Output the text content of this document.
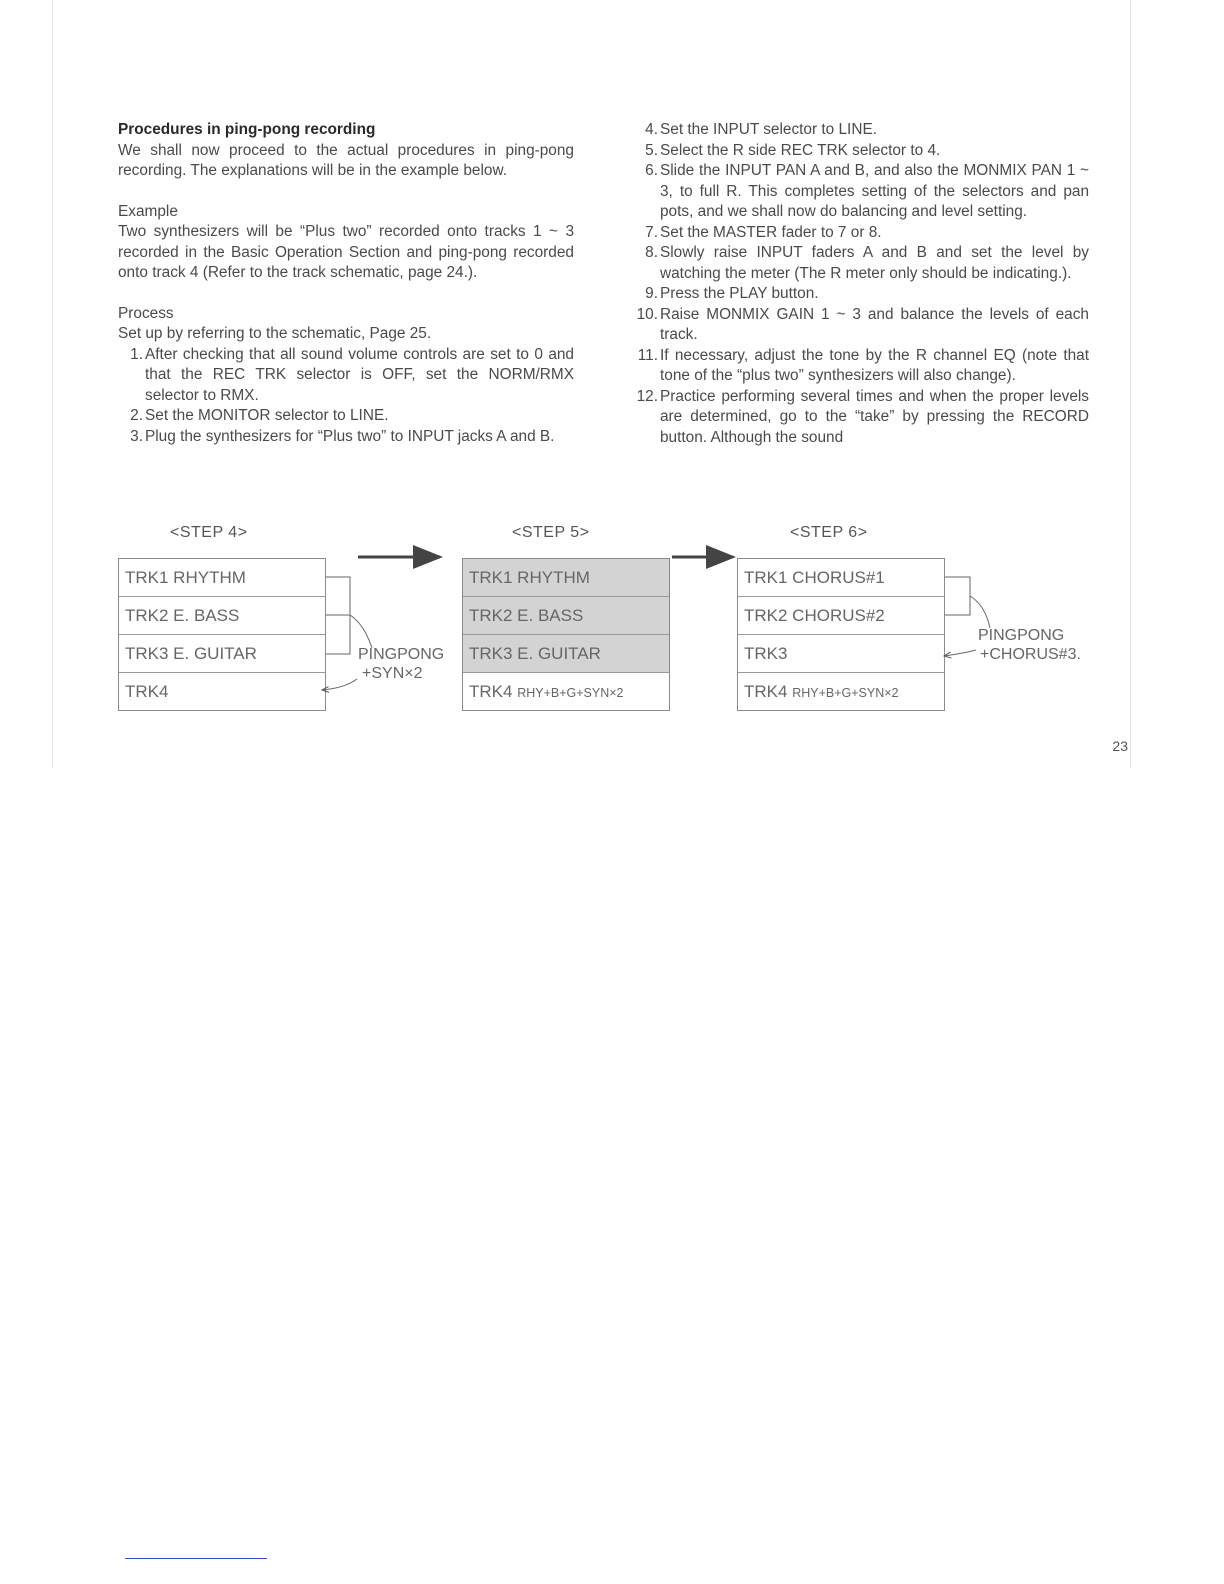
Procedures in ping-pong recording

We shall now proceed to the actual procedures in ping-pong recording. The explanations will be in the example below.

Example

Two synthesizers will be “Plus two” recorded onto tracks 1 ~ 3 recorded in the Basic Operation Section and ping-pong recorded onto track 4 (Refer to the track schematic, page 24.).

Process

Set up by referring to the schematic, Page 25.

1. After checking that all sound volume controls are set to 0 and that the REC TRK selector is OFF, set the NORM/RMX selector to RMX.
2. Set the MONITOR selector to LINE.
3. Plug the synthesizers for “Plus two” to INPUT jacks A and B.
4. Set the INPUT selector to LINE.
5. Select the R side REC TRK selector to 4.
6. Slide the INPUT PAN A and B, and also the MONMIX PAN 1 ~ 3, to full R. This completes setting of the selectors and pan pots, and we shall now do balancing and level setting.
7. Set the MASTER fader to 7 or 8.
8. Slowly raise INPUT faders A and B and set the level by watching the meter (The R meter only should be indicating.).
9. Press the PLAY button.
10. Raise MONMIX GAIN 1 ~ 3 and balance the levels of each track.
11. If necessary, adjust the tone by the R channel EQ (note that tone of the “plus two” synthesizers will also change).
12. Practice performing several times and when the proper levels are determined, go to the “take” by pressing the RECORD button. Although the sound
<STEP 4>	<STEP 5>	<STEP 6>
TRK1 RHYTHM
TRK2 E. BASS
TRK3 E. GUITAR
TRK4
TRK1 RHYTHM
TRK2 E. BASS
TRK3 E. GUITAR
TRK4 RHY+B+G+SYN×2
TRK1 CHORUS#1
TRK2 CHORUS#2
TRK3
TRK4 RHY+B+G+SYN×2
PINGPONG
+SYN×2
PINGPONG
+CHORUS#3.
23
